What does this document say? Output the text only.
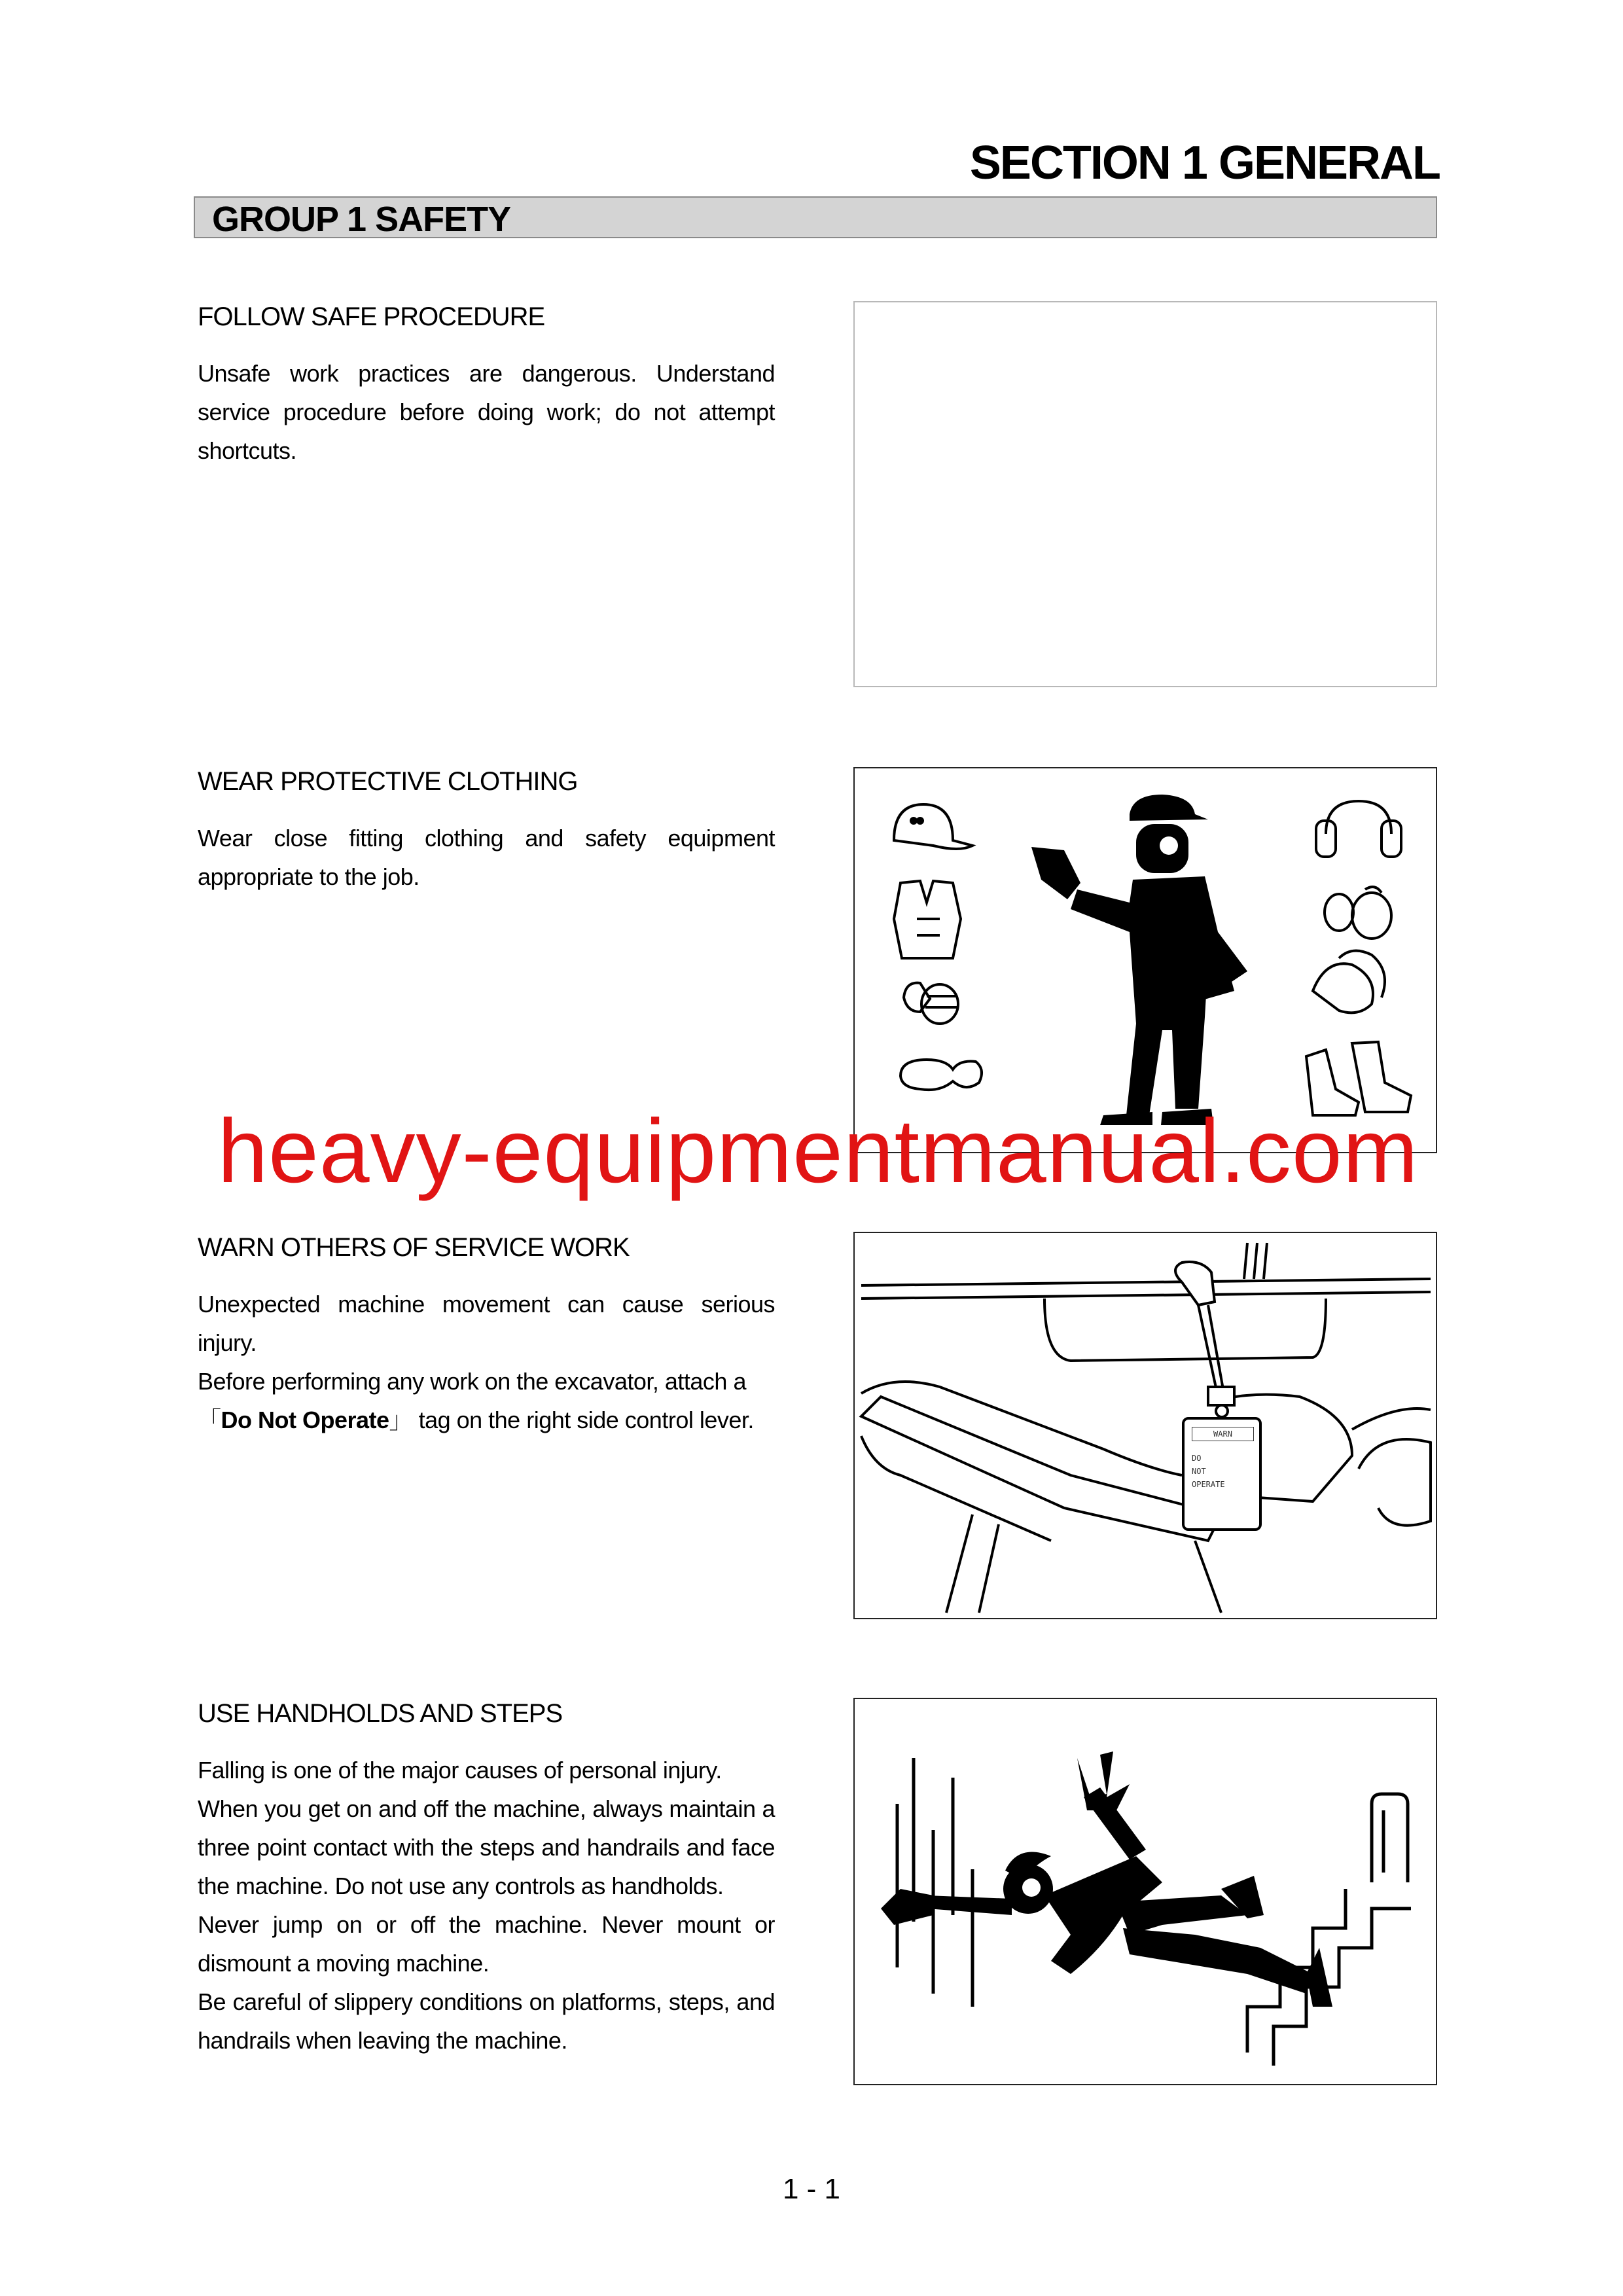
SECTION 1 GENERAL
GROUP 1 SAFETY

FOLLOW SAFE PROCEDURE

Unsafe work practices are dangerous. Understand service procedure before doing work; do not attempt shortcuts.

WEAR PROTECTIVE CLOTHING

Wear close fitting clothing and safety equipment appropriate to the job.

heavy-equipmentmanual.com

WARN OTHERS OF SERVICE WORK

Unexpected machine movement can cause serious injury.

Before performing any work on the excavator, attach a

「Do Not Operate」 tag on the right side control lever.

WARN
DO
NOT
OPERATE

USE HANDHOLDS AND STEPS

Falling is one of the major causes of personal injury.

When you get on and off the machine, always maintain a three point contact with the steps and handrails and face the machine. Do not use any controls as handholds.

Never jump on or off the machine. Never mount or dismount a moving machine.

Be careful of slippery conditions on platforms, steps, and handrails when leaving the machine.

1 - 1
